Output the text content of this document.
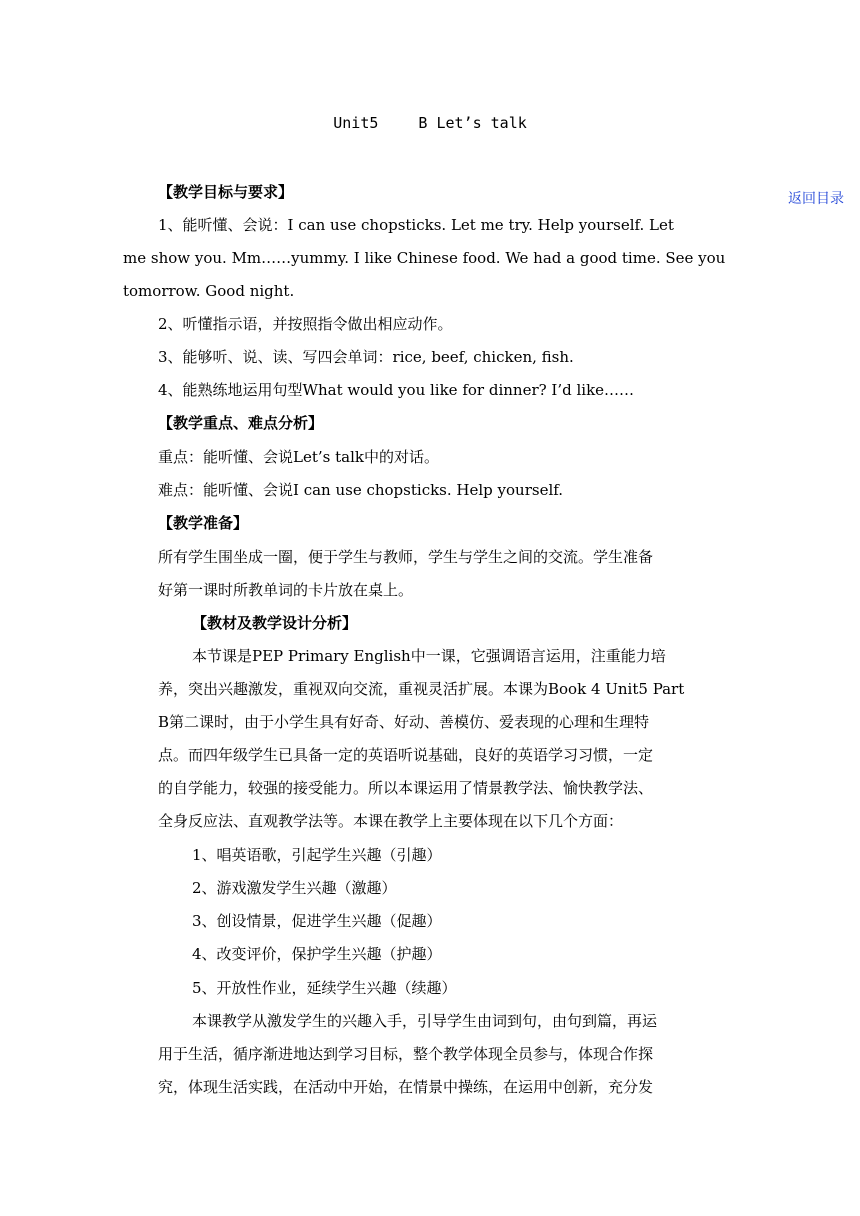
Unit5	B Let’s talk
返回目录
【教学目标与要求】
1、能听懂、会说：I can use chopsticks. Let me try. Help yourself. Let
me show you. Mm……yummy. I like Chinese food. We had a good time. See you
tomorrow. Good night.
2、听懂指示语，并按照指令做出相应动作。
3、能够听、说、读、写四会单词：rice, beef, chicken, fish.
4、能熟练地运用句型What would you like for dinner? I’d like……
【教学重点、难点分析】
重点：能听懂、会说Let’s talk中的对话。
难点：能听懂、会说I can use chopsticks. Help yourself.
【教学准备】
所有学生围坐成一圈，便于学生与教师，学生与学生之间的交流。学生准备
好第一课时所教单词的卡片放在桌上。
【教材及教学设计分析】
本节课是PEP Primary English中一课，它强调语言运用，注重能力培
养，突出兴趣激发，重视双向交流，重视灵活扩展。本课为Book 4 Unit5 Part
B第二课时，由于小学生具有好奇、好动、善模仿、爱表现的心理和生理特
点。而四年级学生已具备一定的英语听说基础，良好的英语学习习惯，一定
的自学能力，较强的接受能力。所以本课运用了情景教学法、愉快教学法、
全身反应法、直观教学法等。本课在教学上主要体现在以下几个方面：
1、唱英语歌，引起学生兴趣（引趣）
2、游戏激发学生兴趣（激趣）
3、创设情景，促进学生兴趣（促趣）
4、改变评价，保护学生兴趣（护趣）
5、开放性作业，延续学生兴趣（续趣）
本课教学从激发学生的兴趣入手，引导学生由词到句，由句到篇，再运
用于生活，循序渐进地达到学习目标，整个教学体现全员参与，体现合作探
究，体现生活实践，在活动中开始，在情景中操练，在运用中创新，充分发
